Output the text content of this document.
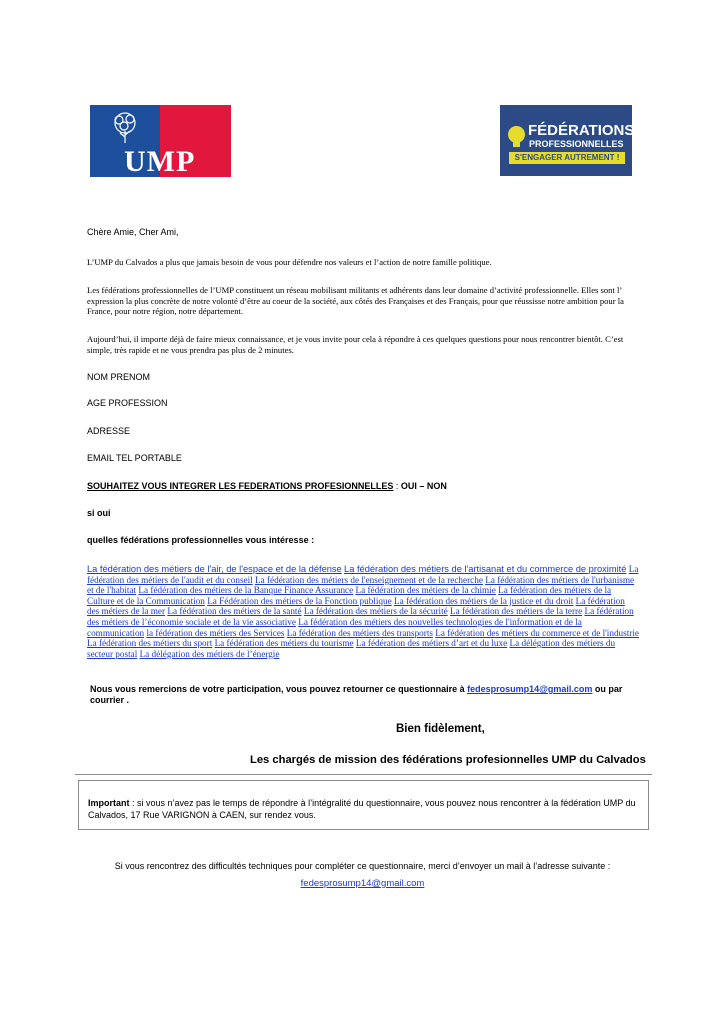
UMP
FÉDÉRATIONS
PROFESSIONNELLES
S'ENGAGER AUTREMENT !

Chère Amie, Cher Ami,

L’UMP du Calvados a plus que jamais besoin de vous pour défendre nos valeurs et l’action de notre famille politique.

Les fédérations professionnelles de l’UMP constituent un réseau mobilisant militants et adhérents dans leur domaine d’activité professionnelle. Elles sont l’ expression la plus concrète de notre volonté d’être au coeur de la société, aux côtés des Françaises et des Français, pour que réussisse notre ambition pour la France, pour notre région, notre département.

Aujourd’hui, il importe déjà de faire mieux connaissance, et je vous invite pour cela à répondre à ces quelques questions pour nous rencontrer bientôt. C’est simple, très rapide et ne vous prendra pas plus de 2 minutes.

NOM PRENOM

AGE PROFESSION

ADRESSE

EMAIL TEL PORTABLE

SOUHAITEZ VOUS INTEGRER LES FEDERATIONS PROFESIONNELLES : OUI – NON

si oui

quelles fédérations professionnelles vous intéresse :

La fédération des métiers de l'air, de l'espace et de la défense La fédération des métiers de l'artisanat et du commerce de proximité La fédération des métiers de l'audit et du conseil La fédération des métiers de l'enseignement et de la recherche La fédération des métiers de l'urbanisme et de l'habitat La fédération des métiers de la Banque Finance Assurance La fédération des métiers de la chimie La fédération des métiers de la Culture et de la Communication La Fédération des métiers de la Fonction publique La fédération des métiers de la justice et du droit La fédération des métiers de la mer La fédération des métiers de la santé La fédération des métiers de la sécurité La fédération des métiers de la terre La fédération des métiers de l’économie sociale et de la vie associative La fédération des métiers des nouvelles technologies de l'information et de la communication la fédération des métiers des Services La fédération des métiers des transports La fédération des métiers du commerce et de l'industrie La fédération des métiers du sport La fédération des métiers du tourisme La fédération des métiers d’art et du luxe La délégation des métiers du secteur postal La délégation des métiers de l’énergie

Nous vous remercions de votre participation, vous pouvez retourner ce questionnaire à fedesprosump14@gmail.com ou par courrier .

Bien fidèlement,
Les chargés de mission des fédérations profesionnelles UMP du Calvados

Important : si vous n’avez pas le temps de répondre à l’intégralité du questionnaire, vous pouvez nous rencontrer à la fédération UMP du Calvados, 17 Rue VARIGNON à CAEN, sur rendez vous.

Si vous rencontrez des difficultés techniques pour compléter ce questionnaire, merci d’envoyer un mail à l’adresse suivante :
fedesprosump14@gmail.com
